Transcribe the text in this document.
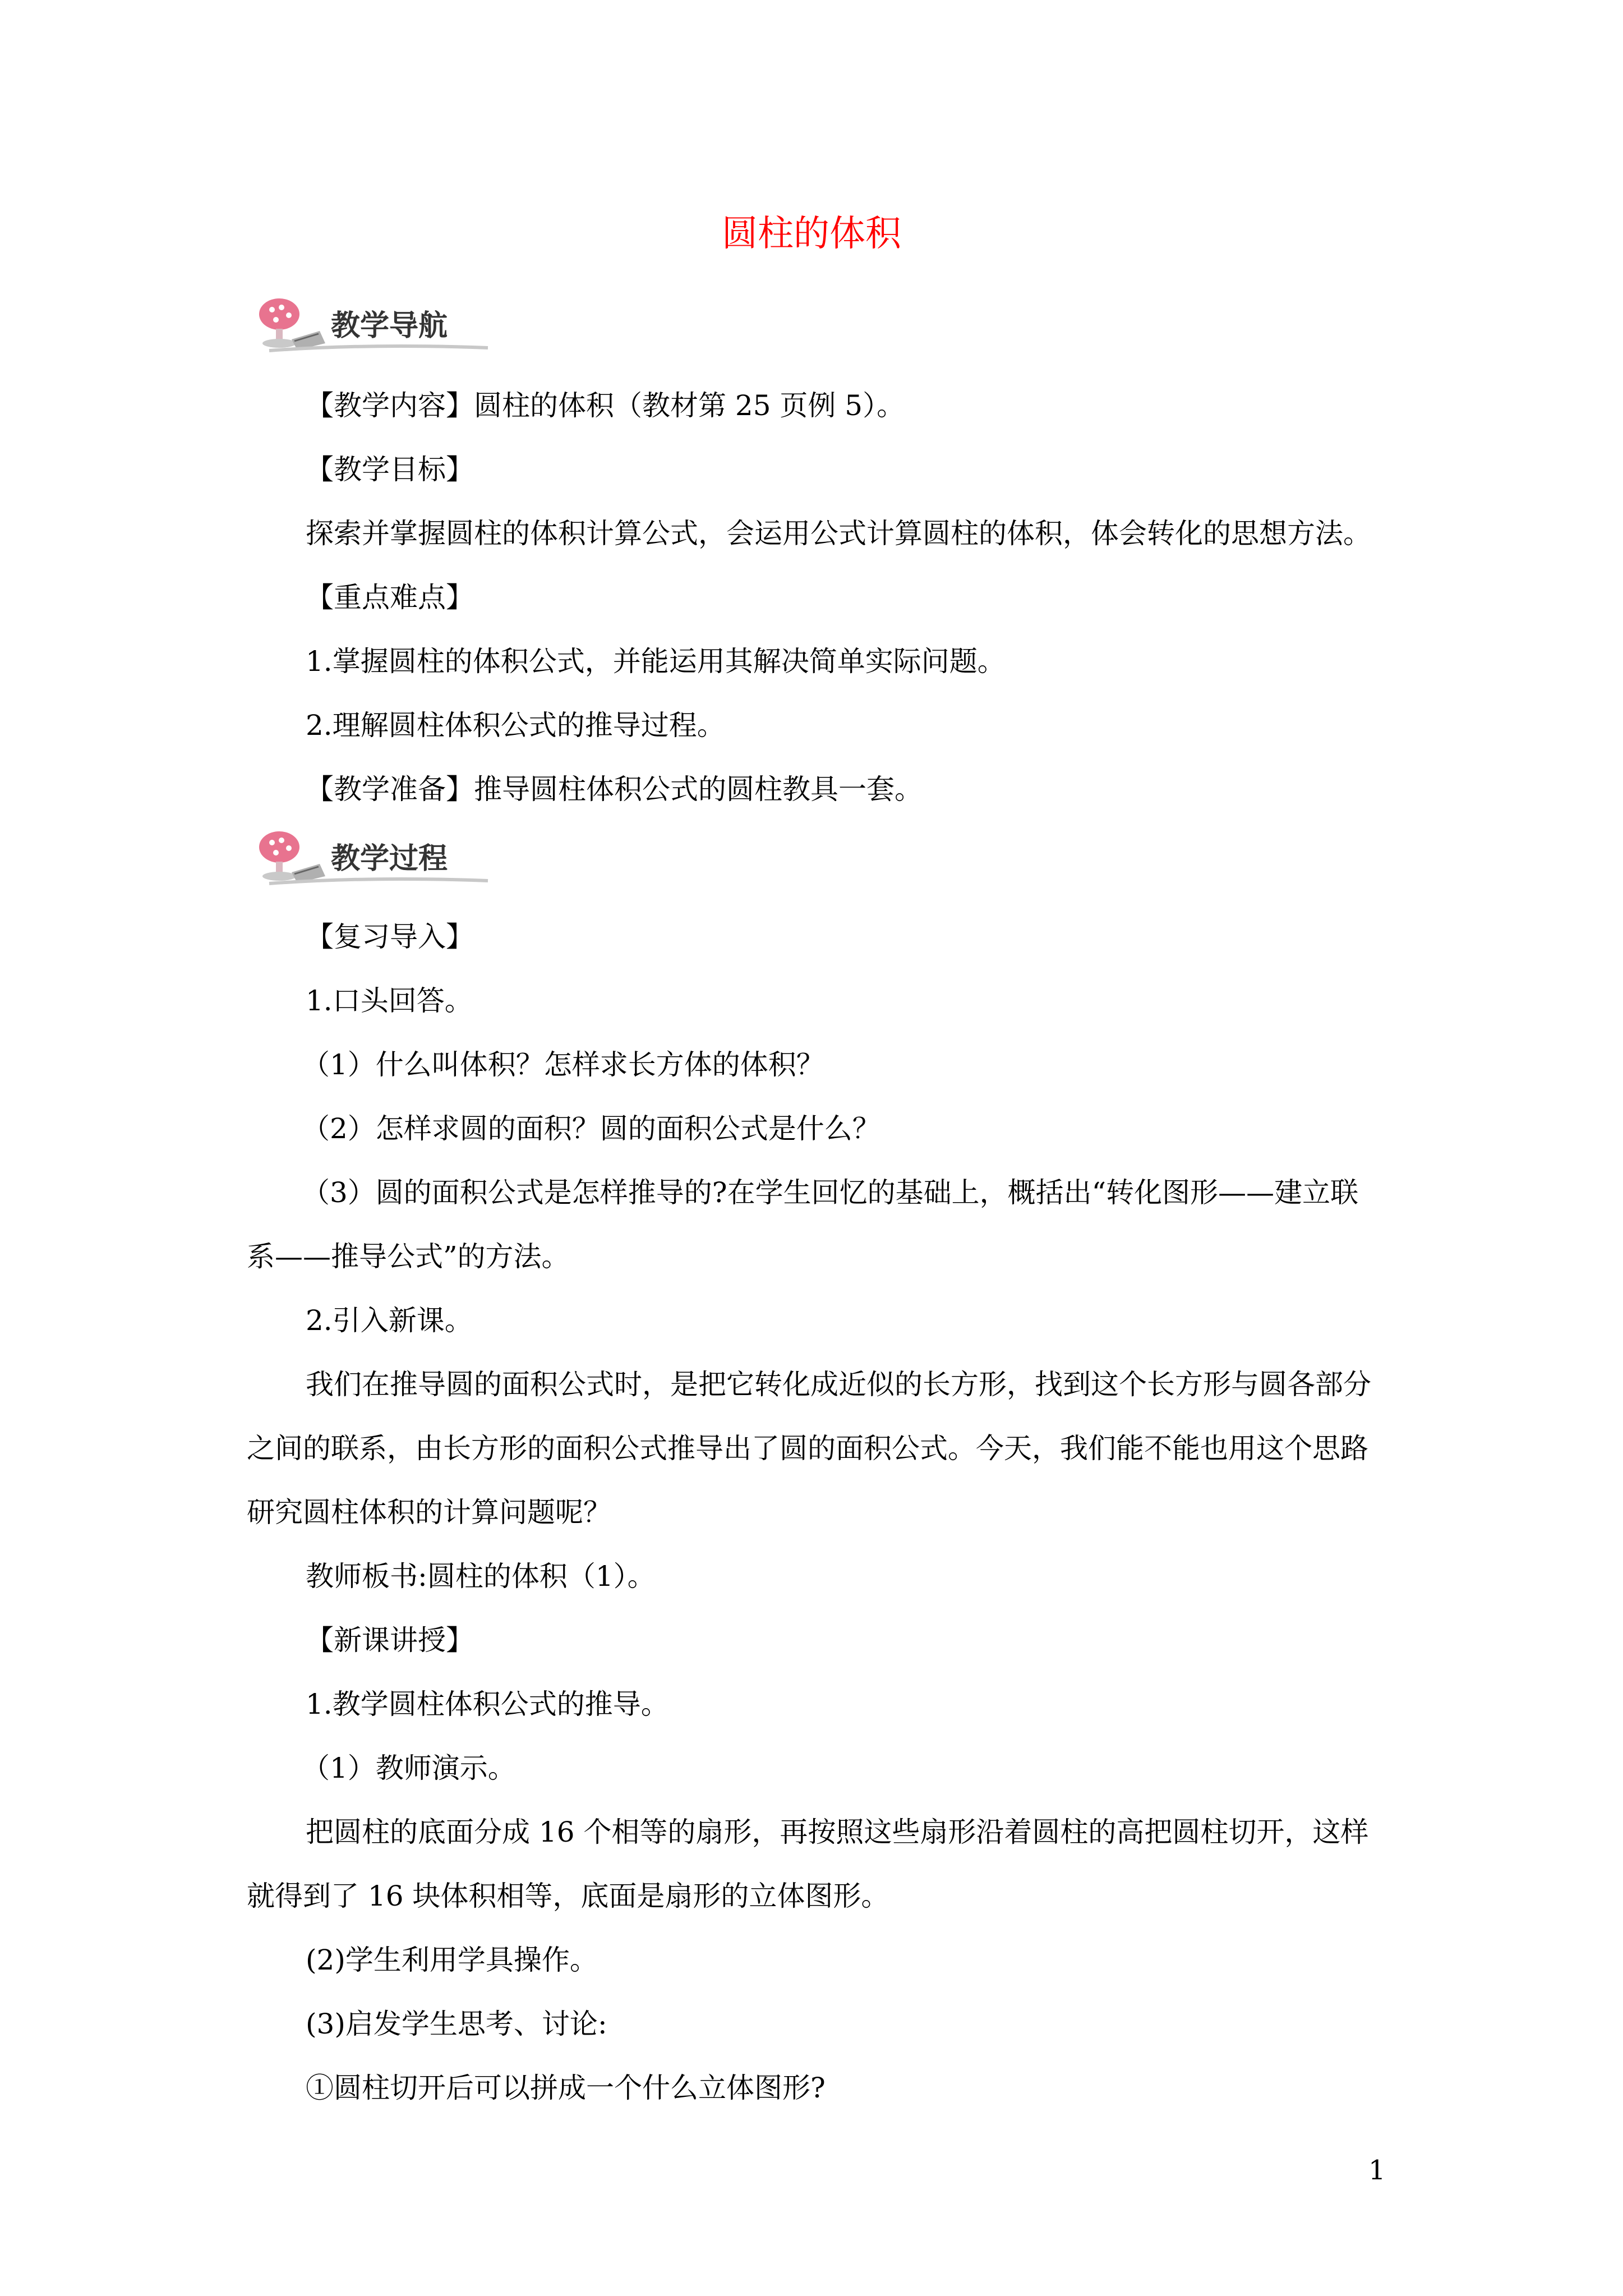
圆柱的体积
教学导航
【教学内容】圆柱的体积（教材第 25 页例 5）。
【教学目标】
探索并掌握圆柱的体积计算公式，会运用公式计算圆柱的体积，体会转化的思想方法。
【重点难点】
1.掌握圆柱的体积公式，并能运用其解决简单实际问题。
2.理解圆柱体积公式的推导过程。
【教学准备】推导圆柱体积公式的圆柱教具一套。
教学过程
【复习导入】
1.口头回答。
（1）什么叫体积？怎样求长方体的体积？
（2）怎样求圆的面积？圆的面积公式是什么？
（3）圆的面积公式是怎样推导的?在学生回忆的基础上，概括出“转化图形——建立联
系——推导公式”的方法。
2.引入新课。
我们在推导圆的面积公式时，是把它转化成近似的长方形，找到这个长方形与圆各部分
之间的联系，由长方形的面积公式推导出了圆的面积公式。今天，我们能不能也用这个思路
研究圆柱体积的计算问题呢？
教师板书:圆柱的体积（1）。
【新课讲授】
1.教学圆柱体积公式的推导。
（1）教师演示。
把圆柱的底面分成 16 个相等的扇形，再按照这些扇形沿着圆柱的高把圆柱切开，这样
就得到了 16 块体积相等，底面是扇形的立体图形。
(2)学生利用学具操作。
(3)启发学生思考、讨论:
①圆柱切开后可以拼成一个什么立体图形?
1
